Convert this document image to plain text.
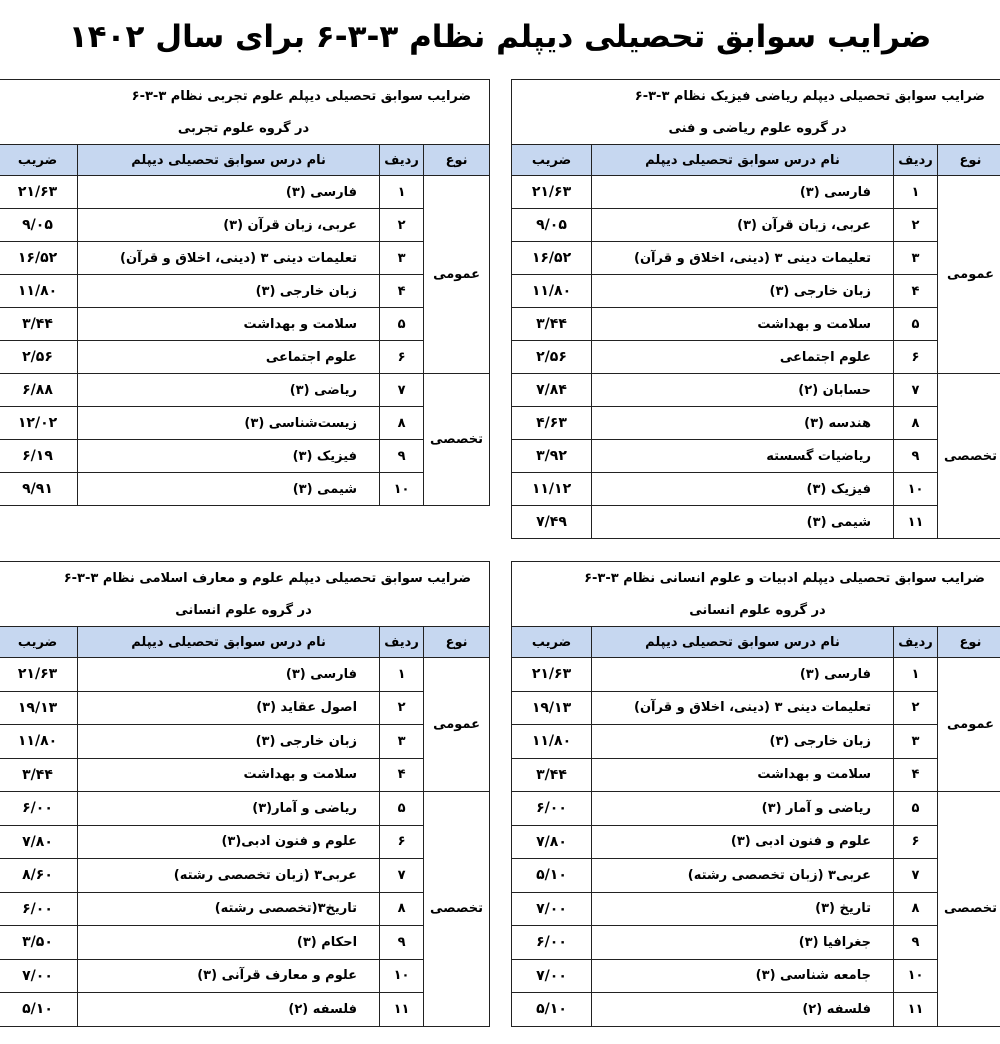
ضرایب سوابق تحصیلی دیپلم نظام ۳-۳-۶ برای سال ۱۴۰۲
ضرایب سوابق تحصیلی دیپلم ریاضی فیزیک نظام ۳-۳-۶			
در گروه علوم ریاضی و فنی			
نوع	ردیف	نام درس سوابق تحصیلی دیپلم	ضریب
عمومی	۱	فارسی (۳)	۲۱/۶۳
	۲	عربی، زبان قرآن (۳)	۹/۰۵
	۳	تعلیمات دینی ۳ (دینی، اخلاق و قرآن)	۱۶/۵۲
	۴	زبان خارجی (۳)	۱۱/۸۰
	۵	سلامت و بهداشت	۳/۴۴
	۶	علوم اجتماعی	۲/۵۶
تخصصی	۷	حسابان (۲)	۷/۸۴
	۸	هندسه (۳)	۴/۶۳
	۹	ریاضیات گسسته	۳/۹۲
	۱۰	فیزیک (۳)	۱۱/۱۲
	۱۱	شیمی (۳)	۷/۴۹
ضرایب سوابق تحصیلی دیپلم علوم تجربی نظام ۳-۳-۶			
در گروه علوم تجربی			
نوع	ردیف	نام درس سوابق تحصیلی دیپلم	ضریب
عمومی	۱	فارسی (۳)	۲۱/۶۳
	۲	عربی، زبان قرآن (۳)	۹/۰۵
	۳	تعلیمات دینی ۳ (دینی، اخلاق و قرآن)	۱۶/۵۲
	۴	زبان خارجی (۳)	۱۱/۸۰
	۵	سلامت و بهداشت	۳/۴۴
	۶	علوم اجتماعی	۲/۵۶
تخصصی	۷	ریاضی (۳)	۶/۸۸
	۸	زیست‌شناسی (۳)	۱۲/۰۲
	۹	فیزیک (۳)	۶/۱۹
	۱۰	شیمی (۳)	۹/۹۱
ضرایب سوابق تحصیلی دیپلم ادبیات و علوم انسانی نظام ۳-۳-۶			
در گروه علوم انسانی			
نوع	ردیف	نام درس سوابق تحصیلی دیپلم	ضریب
عمومی	۱	فارسی (۳)	۲۱/۶۳
	۲	تعلیمات دینی ۳ (دینی، اخلاق و قرآن)	۱۹/۱۳
	۳	زبان خارجی (۳)	۱۱/۸۰
	۴	سلامت و بهداشت	۳/۴۴
تخصصی	۵	ریاضی و آمار (۳)	۶/۰۰
	۶	علوم و فنون ادبی (۳)	۷/۸۰
	۷	عربی۳ (زبان تخصصی رشته)	۵/۱۰
	۸	تاریخ (۳)	۷/۰۰
	۹	جغرافیا (۳)	۶/۰۰
	۱۰	جامعه شناسی (۳)	۷/۰۰
	۱۱	فلسفه (۲)	۵/۱۰
ضرایب سوابق تحصیلی دیپلم علوم و معارف اسلامی نظام ۳-۳-۶			
در گروه علوم انسانی			
نوع	ردیف	نام درس سوابق تحصیلی دیپلم	ضریب
عمومی	۱	فارسی (۳)	۲۱/۶۳
	۲	اصول عقاید (۳)	۱۹/۱۳
	۳	زبان خارجی (۳)	۱۱/۸۰
	۴	سلامت و بهداشت	۳/۴۴
تخصصی	۵	ریاضی و آمار(۳)	۶/۰۰
	۶	علوم و فنون ادبی(۳)	۷/۸۰
	۷	عربی۳ (زبان تخصصی رشته)	۸/۶۰
	۸	تاریخ۳(تخصصی رشته)	۶/۰۰
	۹	احکام (۳)	۳/۵۰
	۱۰	علوم و معارف قرآنی (۳)	۷/۰۰
	۱۱	فلسفه (۲)	۵/۱۰
